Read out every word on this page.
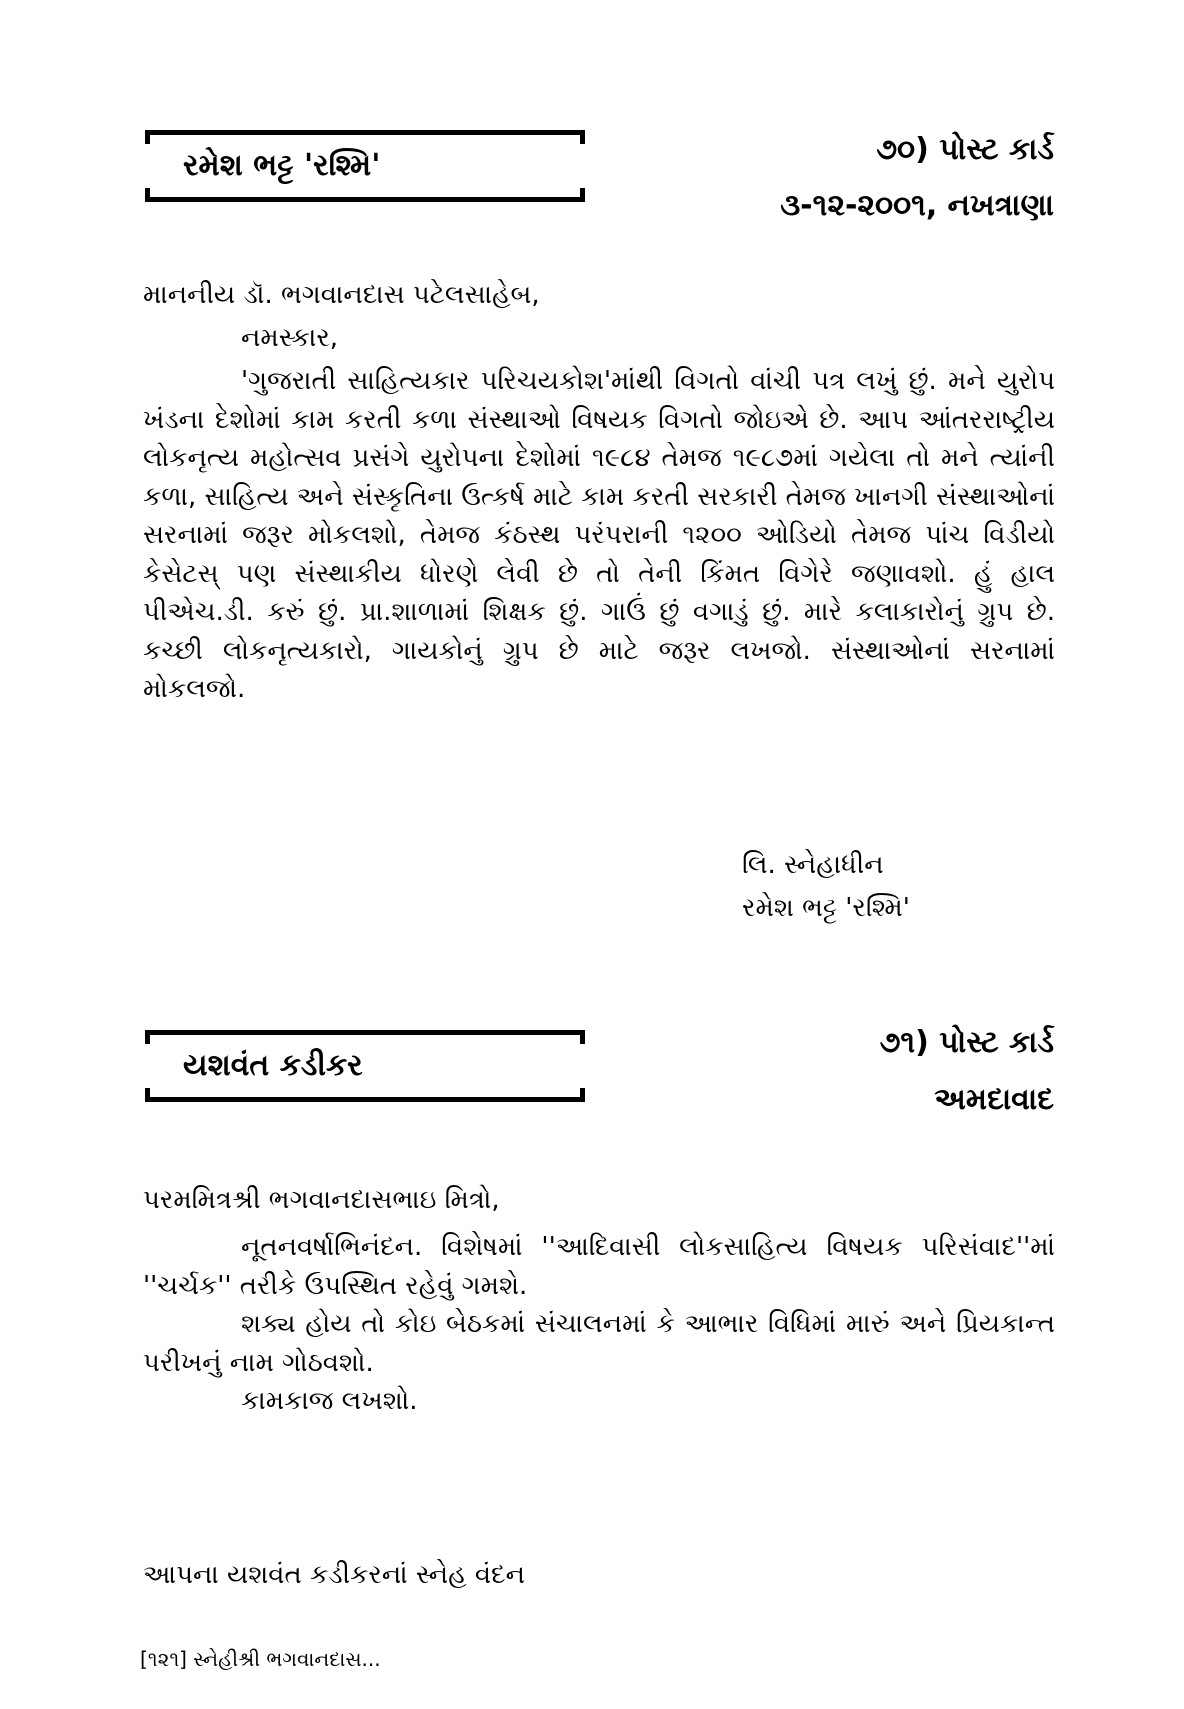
રમેશ ભટ્ટ 'રશ્મિ'	૭૦) પોસ્ટ કાર્ડ
૩-૧૨-૨૦૦૧, નખત્રાણા
માનનીય ડૉ. ભગવાનદાસ પટેલસાહેબ,
નમસ્કાર,

'ગુજરાતી સાહિત્યકાર પરિચયકોશ'માંથી વિગતો વાંચી પત્ર લખું છું. મને યુરોપ ખંડના દેશોમાં કામ કરતી કળા સંસ્થાઓ વિષયક વિગતો જોઇએ છે. આપ આંતરરાષ્ટ્રીય લોકનૃત્ય મહોત્સવ પ્રસંગે યુરોપના દેશોમાં ૧૯૮૪ તેમજ ૧૯૮૭માં ગયેલા તો મને ત્યાંની કળા, સાહિત્ય અને સંસ્કૃતિના ઉત્કર્ષ માટે કામ કરતી સરકારી તેમજ ખાનગી સંસ્થાઓનાં સરનામાં જરૂર મોકલશો, તેમજ કંઠસ્થ પરંપરાની ૧૨૦૦ ઓડિયો તેમજ પાંચ વિડીયો કેસેટસ્ પણ સંસ્થાકીય ધોરણે લેવી છે તો તેની કિંમત વિગેરે જણાવશો. હું હાલ પીએચ.ડી. કરું છું. પ્રા.શાળામાં શિક્ષક છું. ગાઉં છું વગાડું છું. મારે કલાકારોનું ગ્રુપ છે. કચ્છી લોકનૃત્યકારો, ગાયકોનું ગ્રુપ છે માટે જરૂર લખજો. સંસ્થાઓનાં સરનામાં મોકલજો.

લિ. સ્નેહાધીન
રમેશ ભટ્ટ 'રશ્મિ'
યશવંત કડીકર
૭૧) પોસ્ટ કાર્ડ
અમદાવાદ
પરમમિત્રશ્રી ભગવાનદાસભાઇ મિત્રો,

નૂતનવર્ષાભિનંદન. વિશેષમાં ''આદિવાસી લોકસાહિત્ય વિષયક પરિસંવાદ''માં ''ચર્ચક'' તરીકે ઉપસ્થિત રહેવું ગમશે.

શક્ય હોય તો કોઇ બેઠકમાં સંચાલનમાં કે આભાર વિધિમાં મારું અને પ્રિયકાન્ત પરીખનું નામ ગોઠવશો.

કામકાજ લખશો.

આપના યશવંત કડીકરનાં સ્નેહ વંદન
[૧૨૧] સ્નેહીશ્રી ભગવાનદાસ...
